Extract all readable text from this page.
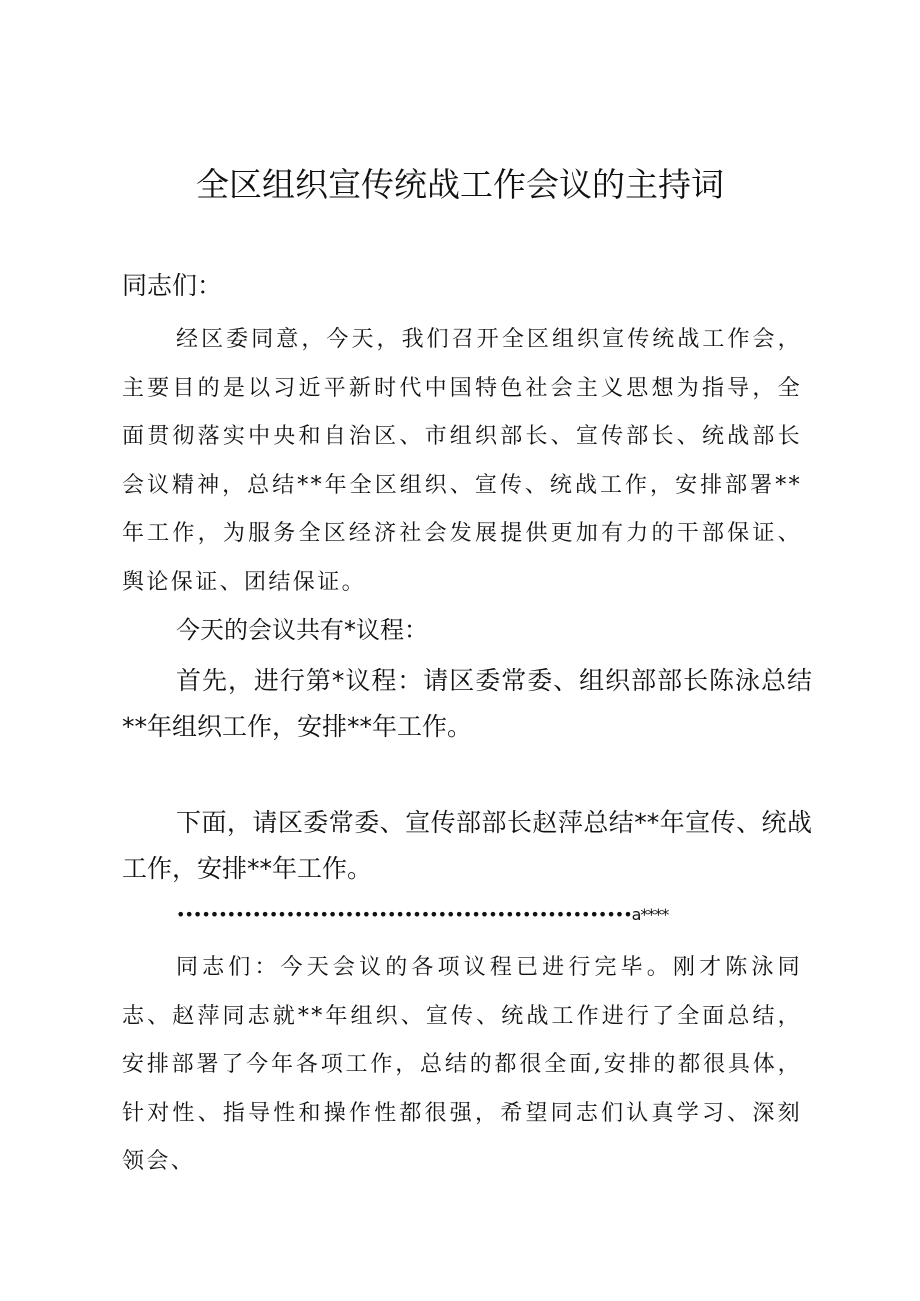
全区组织宣传统战工作会议的主持词

同志们：

经区委同意，今天，我们召开全区组织宣传统战工作会，主要目的是以习近平新时代中国特色社会主义思想为指导，全面贯彻落实中央和自治区、市组织部长、宣传部长、统战部长会议精神，总结**年全区组织、宣传、统战工作，安排部署**年工作，为服务全区经济社会发展提供更加有力的干部保证、舆论保证、团结保证。

今天的会议共有*议程：

首先，进行第*议程：请区委常委、组织部部长陈泳总结**年组织工作，安排**年工作。

下面，请区委常委、宣传部部长赵萍总结**年宣传、统战工作，安排**年工作。

••••••••••••••••••••••••••••••••••••••••••••••••••••••a****

同志们：今天会议的各项议程已进行完毕。刚才陈泳同志、赵萍同志就**年组织、宣传、统战工作进行了全面总结，安排部署了今年各项工作，总结的都很全面,安排的都很具体，针对性、指导性和操作性都很强，希望同志们认真学习、深刻领会、
